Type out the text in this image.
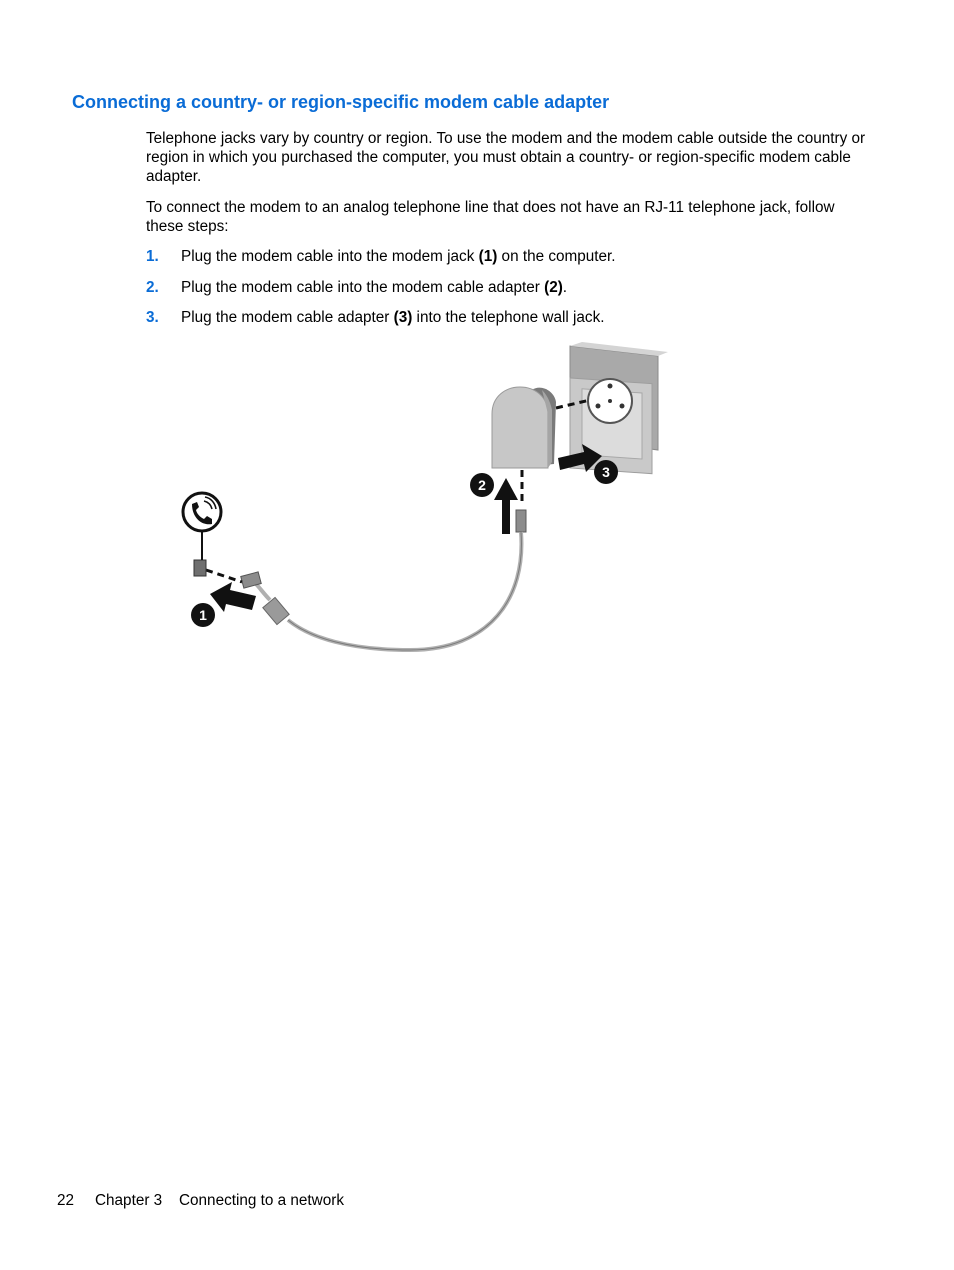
Connecting a country- or region-specific modem cable adapter

Telephone jacks vary by country or region. To use the modem and the modem cable outside the country or region in which you purchased the computer, you must obtain a country- or region-specific modem cable adapter.

To connect the modem to an analog telephone line that does not have an RJ-11 telephone jack, follow these steps:

1. Plug the modem cable into the modem jack (1) on the computer.
2. Plug the modem cable into the modem cable adapter (2).
3. Plug the modem cable adapter (3) into the telephone wall jack.
3
2
1
22 Chapter 3 Connecting to a network
